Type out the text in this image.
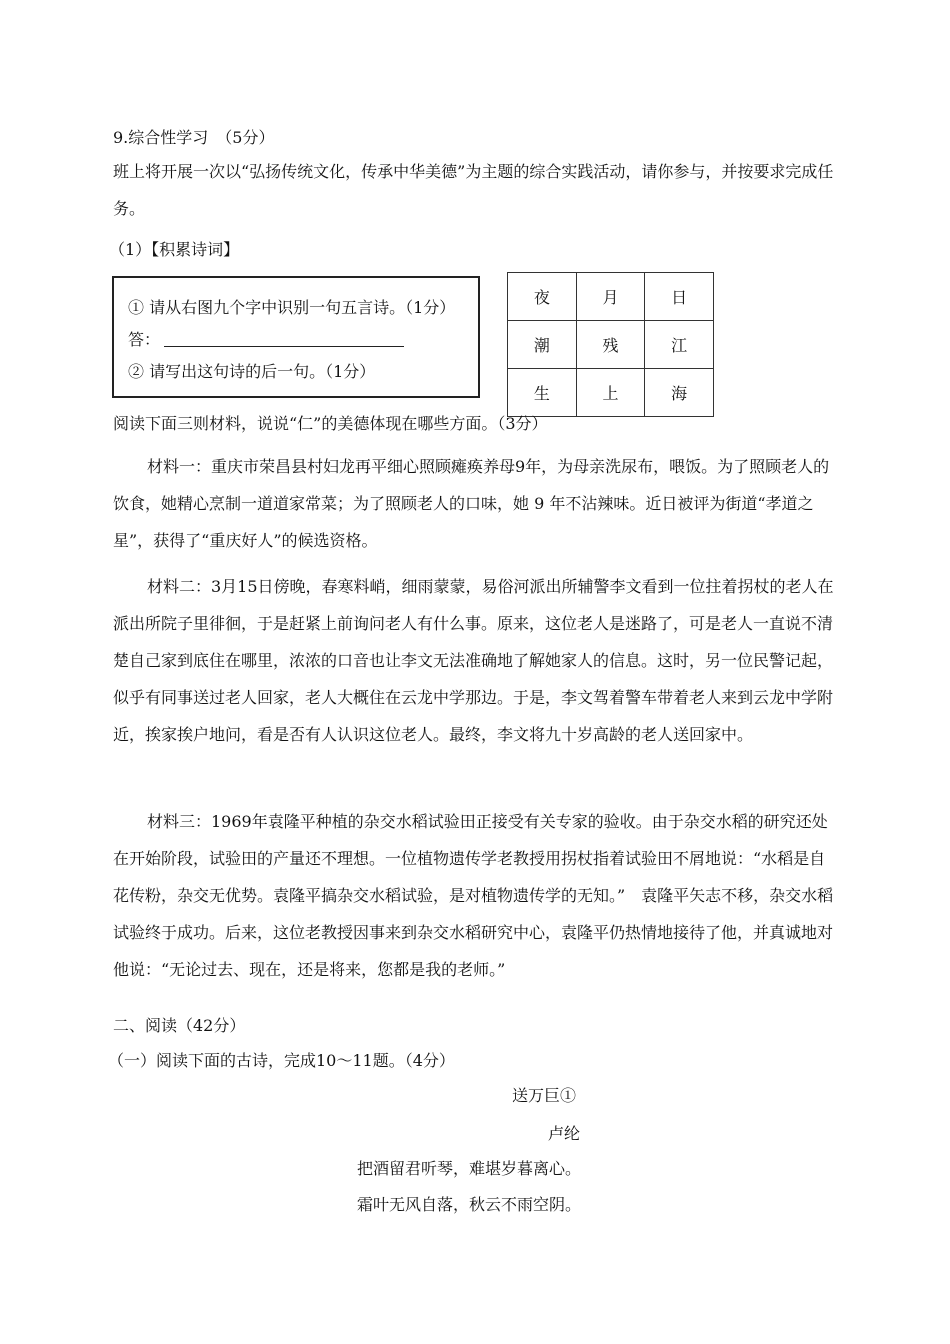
9.综合性学习　（5分）

班上将开展一次以“弘扬传统文化，传承中华美德”为主题的综合实践活动，请你参与，并按要求完成任务。

（1）【积累诗词】
① 请从右图九个字中识别一句五言诗。（1分）
答：
② 请写出这句诗的后一句。（1分）
夜	月	日
潮	残	江
生	上	海
阅读下面三则材料，说说“仁”的美德体现在哪些方面。（3分）

材料一：重庆市荣昌县村妇龙再平细心照顾瘫痪养母9年，为母亲洗尿布，喂饭。为了照顾老人的饮食，她精心烹制一道道家常菜；为了照顾老人的口味，她 9 年不沾辣味。近日被评为街道“孝道之星”，获得了“重庆好人”的候选资格。

材料二：3月15日傍晚，春寒料峭，细雨蒙蒙，易俗河派出所辅警李文看到一位拄着拐杖的老人在派出所院子里徘徊，于是赶紧上前询问老人有什么事。原来，这位老人是迷路了，可是老人一直说不清楚自己家到底住在哪里，浓浓的口音也让李文无法准确地了解她家人的信息。这时，另一位民警记起，似乎有同事送过老人回家，老人大概住在云龙中学那边。于是，李文驾着警车带着老人来到云龙中学附近，挨家挨户地问，看是否有人认识这位老人。最终，李文将九十岁高龄的老人送回家中。

材料三：1969年袁隆平种植的杂交水稻试验田正接受有关专家的验收。由于杂交水稻的研究还处在开始阶段，试验田的产量还不理想。一位植物遗传学老教授用拐杖指着试验田不屑地说：“水稻是自花传粉，杂交无优势。袁隆平搞杂交水稻试验，是对植物遗传学的无知。”　袁隆平矢志不移，杂交水稻试验终于成功。后来，这位老教授因事来到杂交水稻研究中心，袁隆平仍热情地接待了他，并真诚地对他说：“无论过去、现在，还是将来，您都是我的老师。”

二、阅读（42分）
（一）阅读下面的古诗，完成10～11题。（4分）
送万巨①
卢纶
把酒留君听琴，难堪岁暮离心。
霜叶无风自落，秋云不雨空阴。
